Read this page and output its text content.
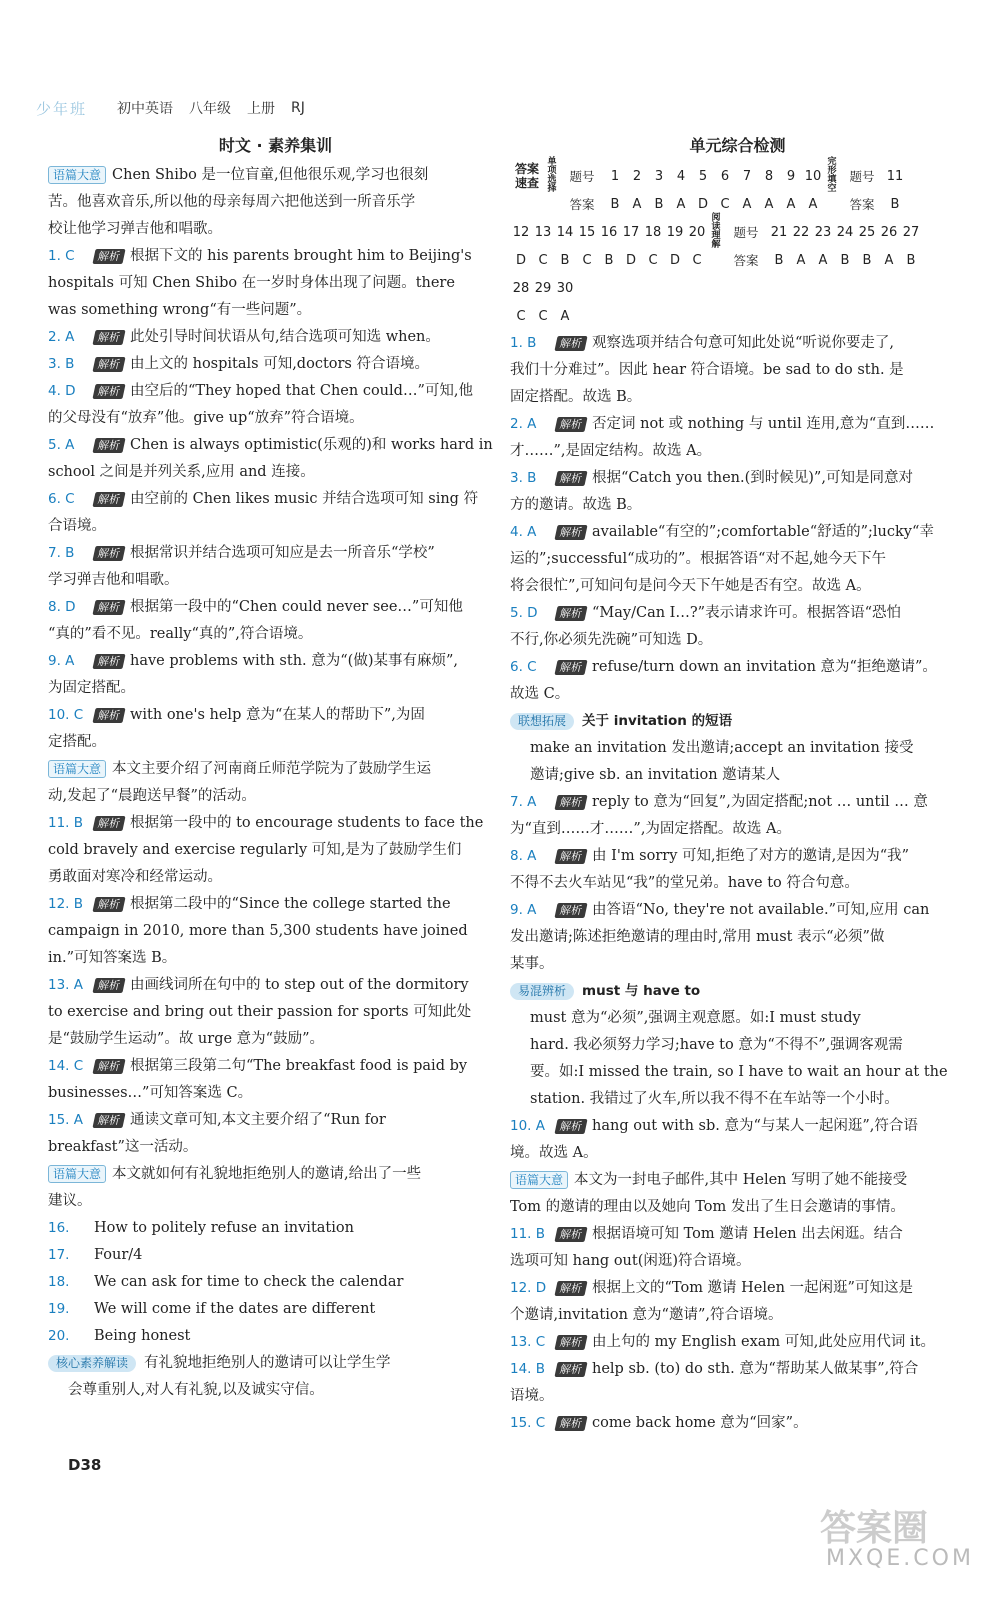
少年班 初中英语 八年级 上册 RJ
时文 · 素养集训
语篇大意 Chen Shibo 是一位盲童,但他很乐观,学习也很刻
苦。他喜欢音乐,所以他的母亲每周六把他送到一所音乐学
校让他学习弹吉他和唱歌。
1. C 解析 根据下文的 his parents brought him to Beijing's
hospitals 可知 Chen Shibo 在一岁时身体出现了问题。there
was something wrong“有一些问题”。
2. A 解析 此处引导时间状语从句,结合选项可知选 when。
3. B 解析 由上文的 hospitals 可知,doctors 符合语境。
4. D 解析 由空后的“They hoped that Chen could…”可知,他
的父母没有“放弃”他。give up“放弃”符合语境。
5. A 解析 Chen is always optimistic(乐观的)和 works hard in
school 之间是并列关系,应用 and 连接。
6. C 解析 由空前的 Chen likes music 并结合选项可知 sing 符
合语境。
7. B 解析 根据常识并结合选项可知应是去一所音乐“学校”
学习弹吉他和唱歌。
8. D 解析 根据第一段中的“Chen could never see…”可知他
“真的”看不见。really“真的”,符合语境。
9. A 解析 have problems with sth. 意为“(做)某事有麻烦”,
为固定搭配。
10. C 解析 with one's help 意为“在某人的帮助下”,为固
定搭配。
语篇大意 本文主要介绍了河南商丘师范学院为了鼓励学生运
动,发起了“晨跑送早餐”的活动。
11. B 解析 根据第一段中的 to encourage students to face the
cold bravely and exercise regularly 可知,是为了鼓励学生们
勇敢面对寒冷和经常运动。
12. B 解析 根据第二段中的“Since the college started the
campaign in 2010, more than 5,300 students have joined
in.”可知答案选 B。
13. A 解析 由画线词所在句中的 to step out of the dormitory
to exercise and bring out their passion for sports 可知此处
是“鼓励学生运动”。故 urge 意为“鼓励”。
14. C 解析 根据第三段第二句“The breakfast food is paid by
businesses…”可知答案选 C。
15. A 解析 通读文章可知,本文主要介绍了“Run for
breakfast”这一活动。
语篇大意 本文就如何有礼貌地拒绝别人的邀请,给出了一些
建议。
16. How to politely refuse an invitation
17. Four/4
18. We can ask for time to check the calendar
19. We will come if the dates are different
20. Being honest
核心素养解读 有礼貌地拒绝别人的邀请可以让学生学
会尊重别人,对人有礼貌,以及诚实守信。
单元综合检测
答案速查
单项选择
题号	1	2	3	4	5	6	7	8	9 10
完形填空
题号 11
答案	B	A	B	A D C	A	A	A	A	答案	B
12 13 14 15 16 17 18 19 20
阅读理解
题号 21 22 23 24 25 26 27
D C	B	C	B D C D C	答案	B	A	A	B	B	A	B
28 29 30
C C	A
1. B 解析 观察选项并结合句意可知此处说“听说你要走了,
我们十分难过”。因此 hear 符合语境。be sad to do sth. 是
固定搭配。故选 B。
2. A 解析 否定词 not 或 nothing 与 until 连用,意为“直到……
才……”,是固定结构。故选 A。
3. B 解析 根据“Catch you then.(到时候见)”,可知是同意对
方的邀请。故选 B。
4. A 解析 available“有空的”;comfortable“舒适的”;lucky“幸
运的”;successful“成功的”。根据答语“对不起,她今天下午
将会很忙”,可知问句是问今天下午她是否有空。故选 A。
5. D 解析 “May/Can I…?”表示请求许可。根据答语“恐怕
不行,你必须先洗碗”可知选 D。
6. C 解析 refuse/turn down an invitation 意为“拒绝邀请”。
故选 C。
联想拓展 关于 invitation 的短语
make an invitation 发出邀请;accept an invitation 接受
邀请;give sb. an invitation 邀请某人
7. A 解析 reply to 意为“回复”,为固定搭配;not … until … 意
为“直到……才……”,为固定搭配。故选 A。
8. A 解析 由 I'm sorry 可知,拒绝了对方的邀请,是因为“我”
不得不去火车站见“我”的堂兄弟。have to 符合句意。
9. A 解析 由答语“No, they're not available.”可知,应用 can
发出邀请;陈述拒绝邀请的理由时,常用 must 表示“必须”做
某事。
易混辨析 must 与 have to
must 意为“必须”,强调主观意愿。如:I must study
hard. 我必须努力学习;have to 意为“不得不”,强调客观需
要。如:I missed the train, so I have to wait an hour at the
station. 我错过了火车,所以我不得不在车站等一个小时。
10. A 解析 hang out with sb. 意为“与某人一起闲逛”,符合语
境。故选 A。
语篇大意 本文为一封电子邮件,其中 Helen 写明了她不能接受
Tom 的邀请的理由以及她向 Tom 发出了生日会邀请的事情。
11. B 解析 根据语境可知 Tom 邀请 Helen 出去闲逛。结合
选项可知 hang out(闲逛)符合语境。
12. D 解析 根据上文的“Tom 邀请 Helen 一起闲逛”可知这是
个邀请,invitation 意为“邀请”,符合语境。
13. C 解析 由上句的 my English exam 可知,此处应用代词 it。
14. B 解析 help sb. (to) do sth. 意为“帮助某人做某事”,符合
语境。
15. C 解析 come back home 意为“回家”。
D38
答案圈
MXQE.COM
